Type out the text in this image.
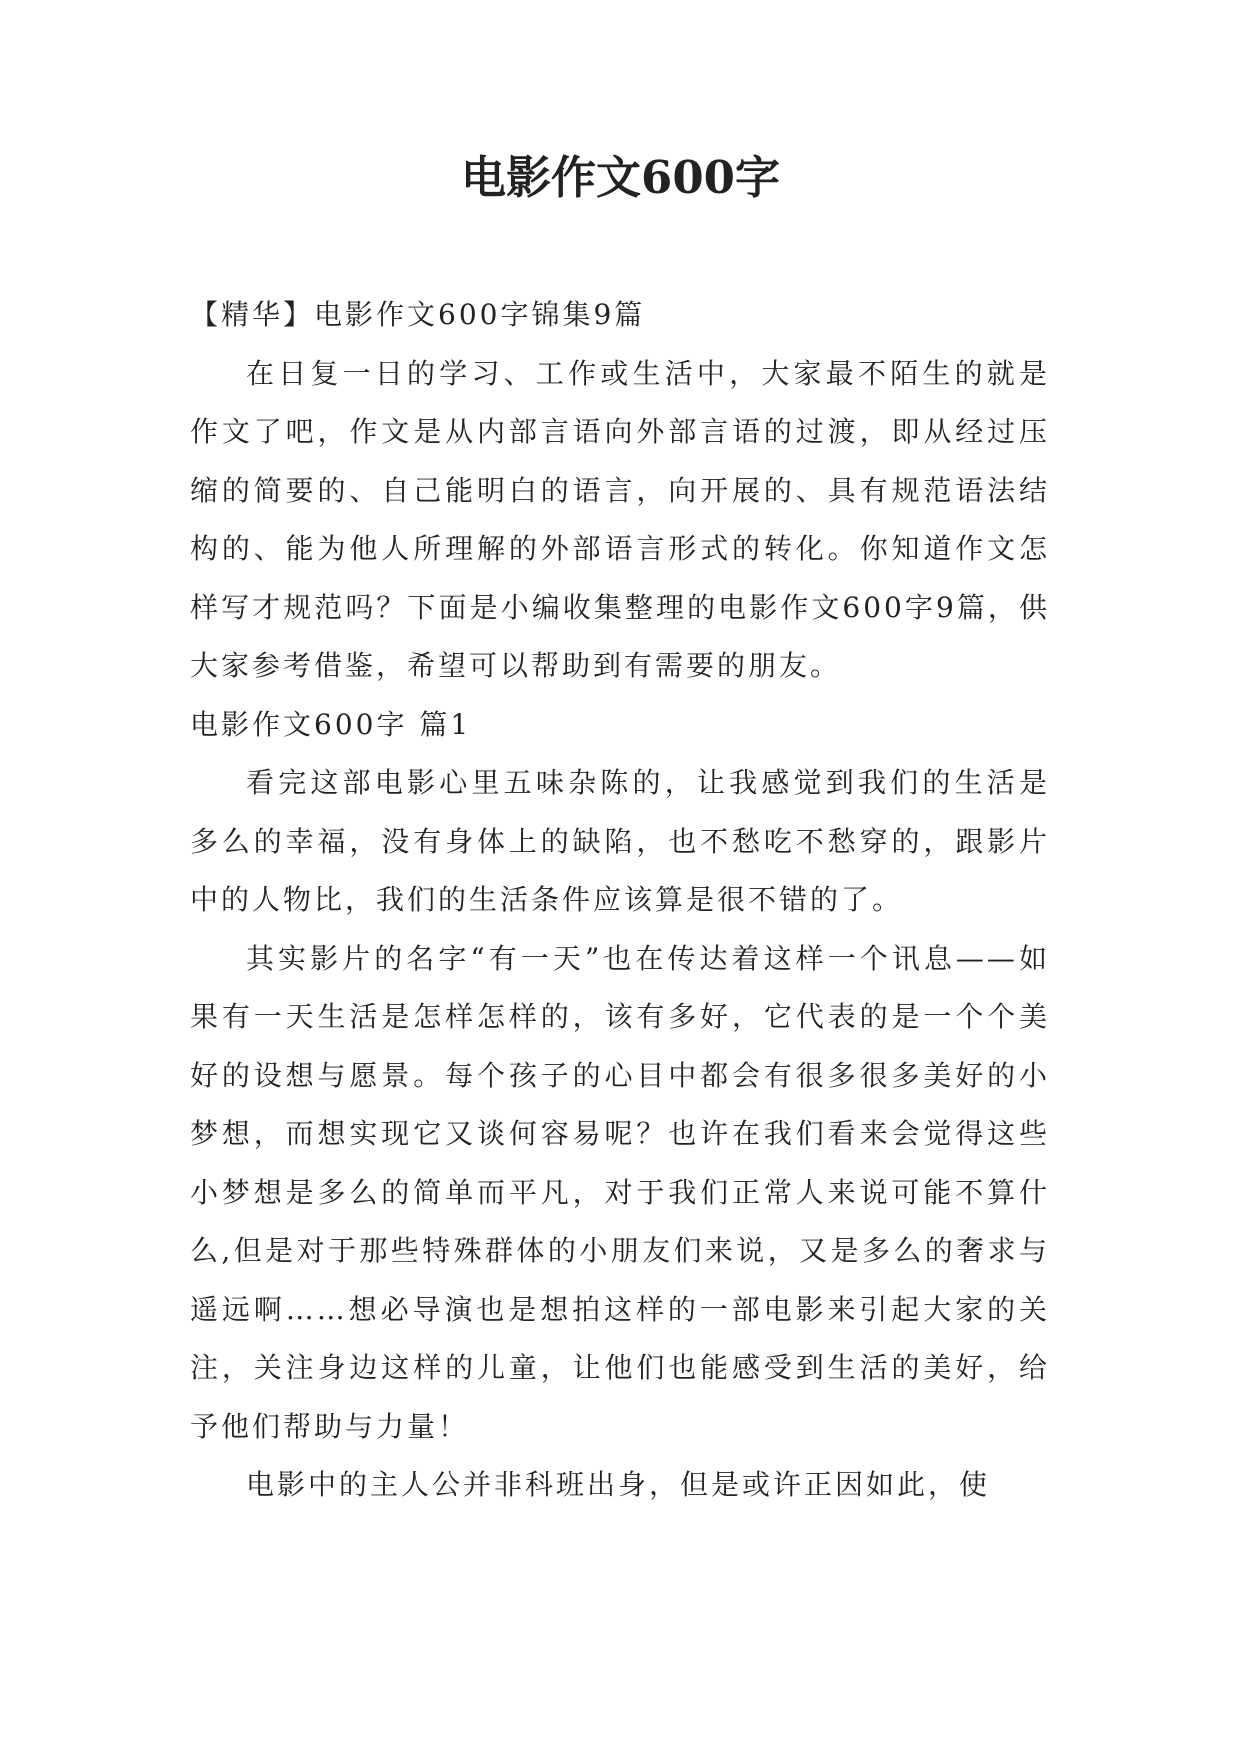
电影作文600字

【精华】电影作文600字锦集9篇

在日复一日的学习、工作或生活中，大家最不陌生的就是作文了吧，作文是从内部言语向外部言语的过渡，即从经过压缩的简要的、自己能明白的语言，向开展的、具有规范语法结构的、能为他人所理解的外部语言形式的转化。你知道作文怎样写才规范吗？下面是小编收集整理的电影作文600字9篇，供大家参考借鉴，希望可以帮助到有需要的朋友。

电影作文600字 篇1

看完这部电影心里五味杂陈的，让我感觉到我们的生活是多么的幸福，没有身体上的缺陷，也不愁吃不愁穿的，跟影片中的人物比，我们的生活条件应该算是很不错的了。

其实影片的名字“有一天”也在传达着这样一个讯息——如果有一天生活是怎样怎样的，该有多好，它代表的是一个个美好的设想与愿景。每个孩子的心目中都会有很多很多美好的小梦想，而想实现它又谈何容易呢？也许在我们看来会觉得这些小梦想是多么的简单而平凡，对于我们正常人来说可能不算什么,但是对于那些特殊群体的小朋友们来说，又是多么的奢求与遥远啊……想必导演也是想拍这样的一部电影来引起大家的关注，关注身边这样的儿童，让他们也能感受到生活的美好，给予他们帮助与力量！

电影中的主人公并非科班出身，但是或许正因如此，使
